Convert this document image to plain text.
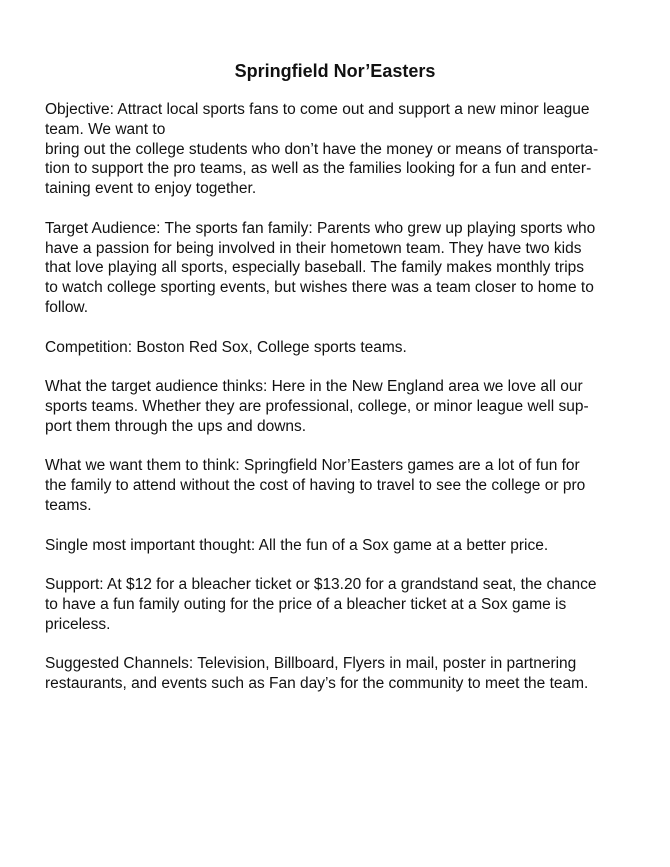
Springfield Nor’Easters

Objective: Attract local sports fans to come out and support a new minor league
team. We want to
bring out the college students who don’t have the money or means of transporta-
tion to support the pro teams, as well as the families looking for a fun and enter-
taining event to enjoy together.

Target Audience: The sports fan family: Parents who grew up playing sports who
have a passion for being involved in their hometown team. They have two kids
that love playing all sports, especially baseball. The family makes monthly trips
to watch college sporting events, but wishes there was a team closer to home to
follow.

Competition: Boston Red Sox, College sports teams.

What the target audience thinks: Here in the New England area we love all our
sports teams. Whether they are professional, college, or minor league well sup-
port them through the ups and downs.

What we want them to think: Springfield Nor’Easters games are a lot of fun for
the family to attend without the cost of having to travel to see the college or pro
teams.

Single most important thought: All the fun of a Sox game at a better price.

Support: At $12 for a bleacher ticket or $13.20 for a grandstand seat, the chance
to have a fun family outing for the price of a bleacher ticket at a Sox game is
priceless.

Suggested Channels: Television, Billboard, Flyers in mail, poster in partnering
restaurants, and events such as Fan day’s for the community to meet the team.
